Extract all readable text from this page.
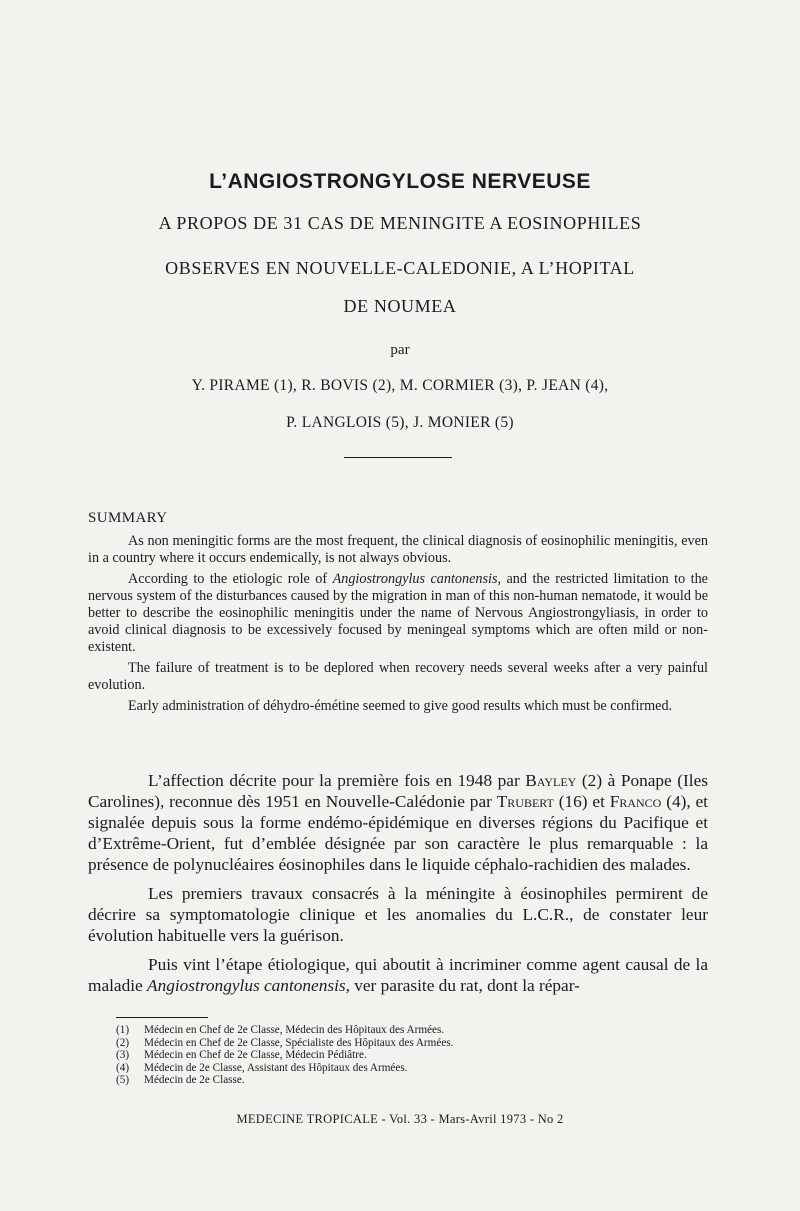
L’ANGIOSTRONGYLOSE NERVEUSE
A PROPOS DE 31 CAS DE MENINGITE A EOSINOPHILES
OBSERVES EN NOUVELLE-CALEDONIE, A L’HOPITAL
DE NOUMEA
par
Y. PIRAME (1), R. BOVIS (2), M. CORMIER (3), P. JEAN (4),
P. LANGLOIS (5), J. MONIER (5)
SUMMARY

As non meningitic forms are the most frequent, the clinical diagnosis of eosinophilic meningitis, even in a country where it occurs endemically, is not always obvious.

According to the etiologic role of Angiostrongylus cantonensis, and the restricted limitation to the nervous system of the disturbances caused by the migration in man of this non-human nematode, it would be better to describe the eosinophilic meningitis under the name of Nervous Angiostrongyliasis, in order to avoid clinical diagnosis to be excessively focused by meningeal symptoms which are often mild or non-existent.

The failure of treatment is to be deplored when recovery needs several weeks after a very painful evolution.

Early administration of déhydro-émétine seemed to give good results which must be confirmed.

L’affection décrite pour la première fois en 1948 par Bayley (2) à Ponape (Iles Carolines), reconnue dès 1951 en Nouvelle-Calédonie par Trubert (16) et Franco (4), et signalée depuis sous la forme endémo-épidémique en diverses régions du Pacifique et d’Extrême-Orient, fut d’emblée désignée par son caractère le plus remarquable : la présence de polynucléaires éosinophiles dans le liquide céphalo-rachidien des malades.

Les premiers travaux consacrés à la méningite à éosinophiles permirent de décrire sa symptomatologie clinique et les anomalies du L.C.R., de constater leur évolution habituelle vers la guérison.

Puis vint l’étape étiologique, qui aboutit à incriminer comme agent causal de la maladie Angiostrongylus cantonensis, ver parasite du rat, dont la répar-

(1) Médecin en Chef de 2e Classe, Médecin des Hôpitaux des Armées.
(2) Médecin en Chef de 2e Classe, Spécialiste des Hôpitaux des Armées.
(3) Médecin en Chef de 2e Classe, Médecin Pédiâtre.
(4) Médecin de 2e Classe, Assistant des Hôpitaux des Armées.
(5) Médecin de 2e Classe.
MEDECINE TROPICALE - Vol. 33 - Mars-Avril 1973 - No 2
